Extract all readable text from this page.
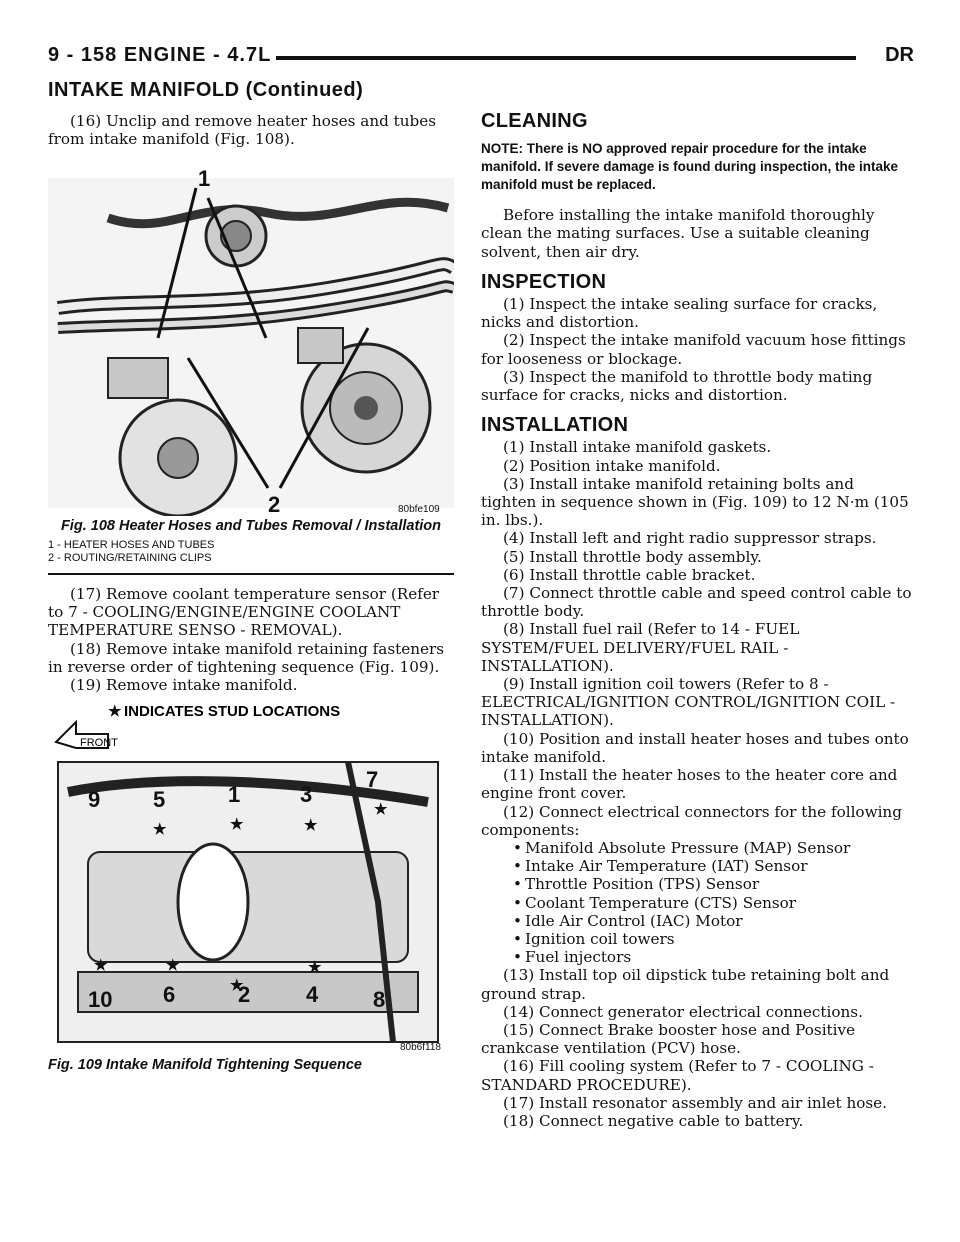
9 - 158 ENGINE - 4.7L	DR
INTAKE MANIFOLD (Continued)

(16) Unclip and remove heater hoses and tubes from intake manifold (Fig. 108).

1
2	80bfe109
Fig. 108 Heater Hoses and Tubes Removal / Installation
1 - HEATER HOSES AND TUBES
2 - ROUTING/RETAINING CLIPS

(17) Remove coolant temperature sensor (Refer to 7 - COOLING/ENGINE/ENGINE COOLANT TEMPERATURE SENSO - REMOVAL).

(18) Remove intake manifold retaining fasteners in reverse order of tightening sequence (Fig. 109).

(19) Remove intake manifold.

★ INDICATES STUD LOCATIONS
FRONT
9 5	1	3
7
10 6	2	4 8
★	★	★
★
★	★
★
★
80b6f118
Fig. 109 Intake Manifold Tightening Sequence
CLEANING

NOTE: There is NO approved repair procedure for the intake manifold. If severe damage is found during inspection, the intake manifold must be replaced.

Before installing the intake manifold thoroughly clean the mating surfaces. Use a suitable cleaning solvent, then air dry.

INSPECTION

(1) Inspect the intake sealing surface for cracks, nicks and distortion.

(2) Inspect the intake manifold vacuum hose fittings for looseness or blockage.

(3) Inspect the manifold to throttle body mating surface for cracks, nicks and distortion.

INSTALLATION

(1) Install intake manifold gaskets.

(2) Position intake manifold.

(3) Install intake manifold retaining bolts and tighten in sequence shown in (Fig. 109) to 12 N·m (105 in. lbs.).

(4) Install left and right radio suppressor straps.

(5) Install throttle body assembly.

(6) Install throttle cable bracket.

(7) Connect throttle cable and speed control cable to throttle body.

(8) Install fuel rail (Refer to 14 - FUEL SYSTEM/FUEL DELIVERY/FUEL RAIL - INSTALLATION).

(9) Install ignition coil towers (Refer to 8 - ELECTRICAL/IGNITION CONTROL/IGNITION COIL - INSTALLATION).

(10) Position and install heater hoses and tubes onto intake manifold.

(11) Install the heater hoses to the heater core and engine front cover.

(12) Connect electrical connectors for the following components:

• Manifold Absolute Pressure (MAP) Sensor

• Intake Air Temperature (IAT) Sensor

• Throttle Position (TPS) Sensor

• Coolant Temperature (CTS) Sensor

• Idle Air Control (IAC) Motor

• Ignition coil towers

• Fuel injectors

(13) Install top oil dipstick tube retaining bolt and ground strap.

(14) Connect generator electrical connections.

(15) Connect Brake booster hose and Positive crankcase ventilation (PCV) hose.

(16) Fill cooling system (Refer to 7 - COOLING - STANDARD PROCEDURE).

(17) Install resonator assembly and air inlet hose.

(18) Connect negative cable to battery.
